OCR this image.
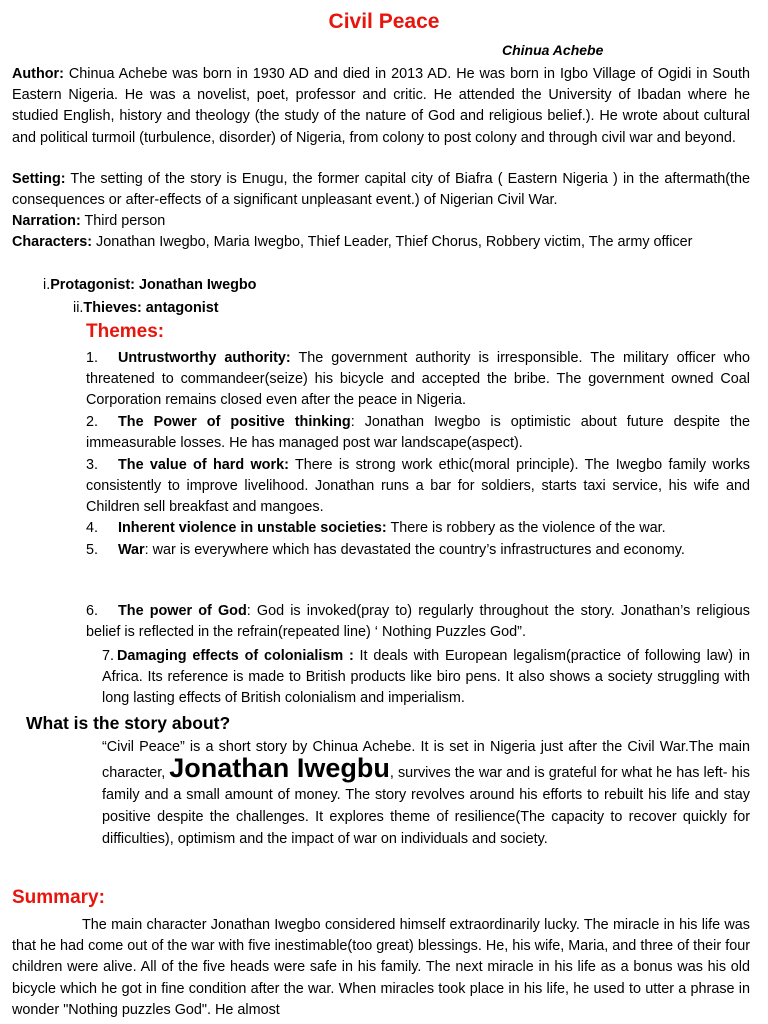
Civil Peace
Chinua Achebe
Author: Chinua Achebe was born in 1930 AD and died in 2013 AD. He was born in Igbo Village of Ogidi in South Eastern Nigeria. He was a novelist, poet, professor and critic. He attended the University of Ibadan where he studied English, history and theology (the study of the nature of God and religious belief.). He wrote about cultural and political turmoil (turbulence, disorder) of Nigeria, from colony to post colony and through civil war and beyond.
Setting: The setting of the story is Enugu, the former capital city of Biafra ( Eastern Nigeria ) in the aftermath(the consequences or after-effects of a significant unpleasant event.) of Nigerian Civil War.
Narration: Third person
Characters: Jonathan Iwegbo, Maria Iwegbo, Thief Leader, Thief Chorus, Robbery victim, The army officer
i.Protagonist: Jonathan Iwegbo
ii.Thieves: antagonist
Themes:
1. Untrustworthy authority: The government authority is irresponsible. The military officer who threatened to commandeer(seize) his bicycle and accepted the bribe. The government owned Coal Corporation remains closed even after the peace in Nigeria.
2. The Power of positive thinking: Jonathan Iwegbo is optimistic about future despite the immeasurable losses. He has managed post war landscape(aspect).
3. The value of hard work: There is strong work ethic(moral principle). The Iwegbo family works consistently to improve livelihood. Jonathan runs a bar for soldiers, starts taxi service, his wife and Children sell breakfast and mangoes.
4. Inherent violence in unstable societies: There is robbery as the violence of the war.
5. War: war is everywhere which has devastated the country’s infrastructures and economy.
6. The power of God: God is invoked(pray to) regularly throughout the story. Jonathan’s religious belief is reflected in the refrain(repeated line) ‘ Nothing Puzzles God”.
7. Damaging effects of colonialism : It deals with European legalism(practice of following law) in Africa. Its reference is made to British products like biro pens. It also shows a society struggling with long lasting effects of British colonialism and imperialism.
What is the story about?
“Civil Peace” is a short story by Chinua Achebe. It is set in Nigeria just after the Civil War.The main character, Jonathan Iwegbu, survives the war and is grateful for what he has left- his family and a small amount of money. The story revolves around his efforts to rebuilt his life and stay positive despite the challenges. It explores theme of resilience(The capacity to recover quickly for difficulties), optimism and the impact of war on individuals and society.
Summary:
The main character Jonathan Iwegbo considered himself extraordinarily lucky. The miracle in his life was that he had come out of the war with five inestimable(too great) blessings. He, his wife, Maria, and three of their four children were alive. All of the five heads were safe in his family. The next miracle in his life as a bonus was his old bicycle which he got in fine condition after the war. When miracles took place in his life, he used to utter a phrase in wonder "Nothing puzzles God". He almost
